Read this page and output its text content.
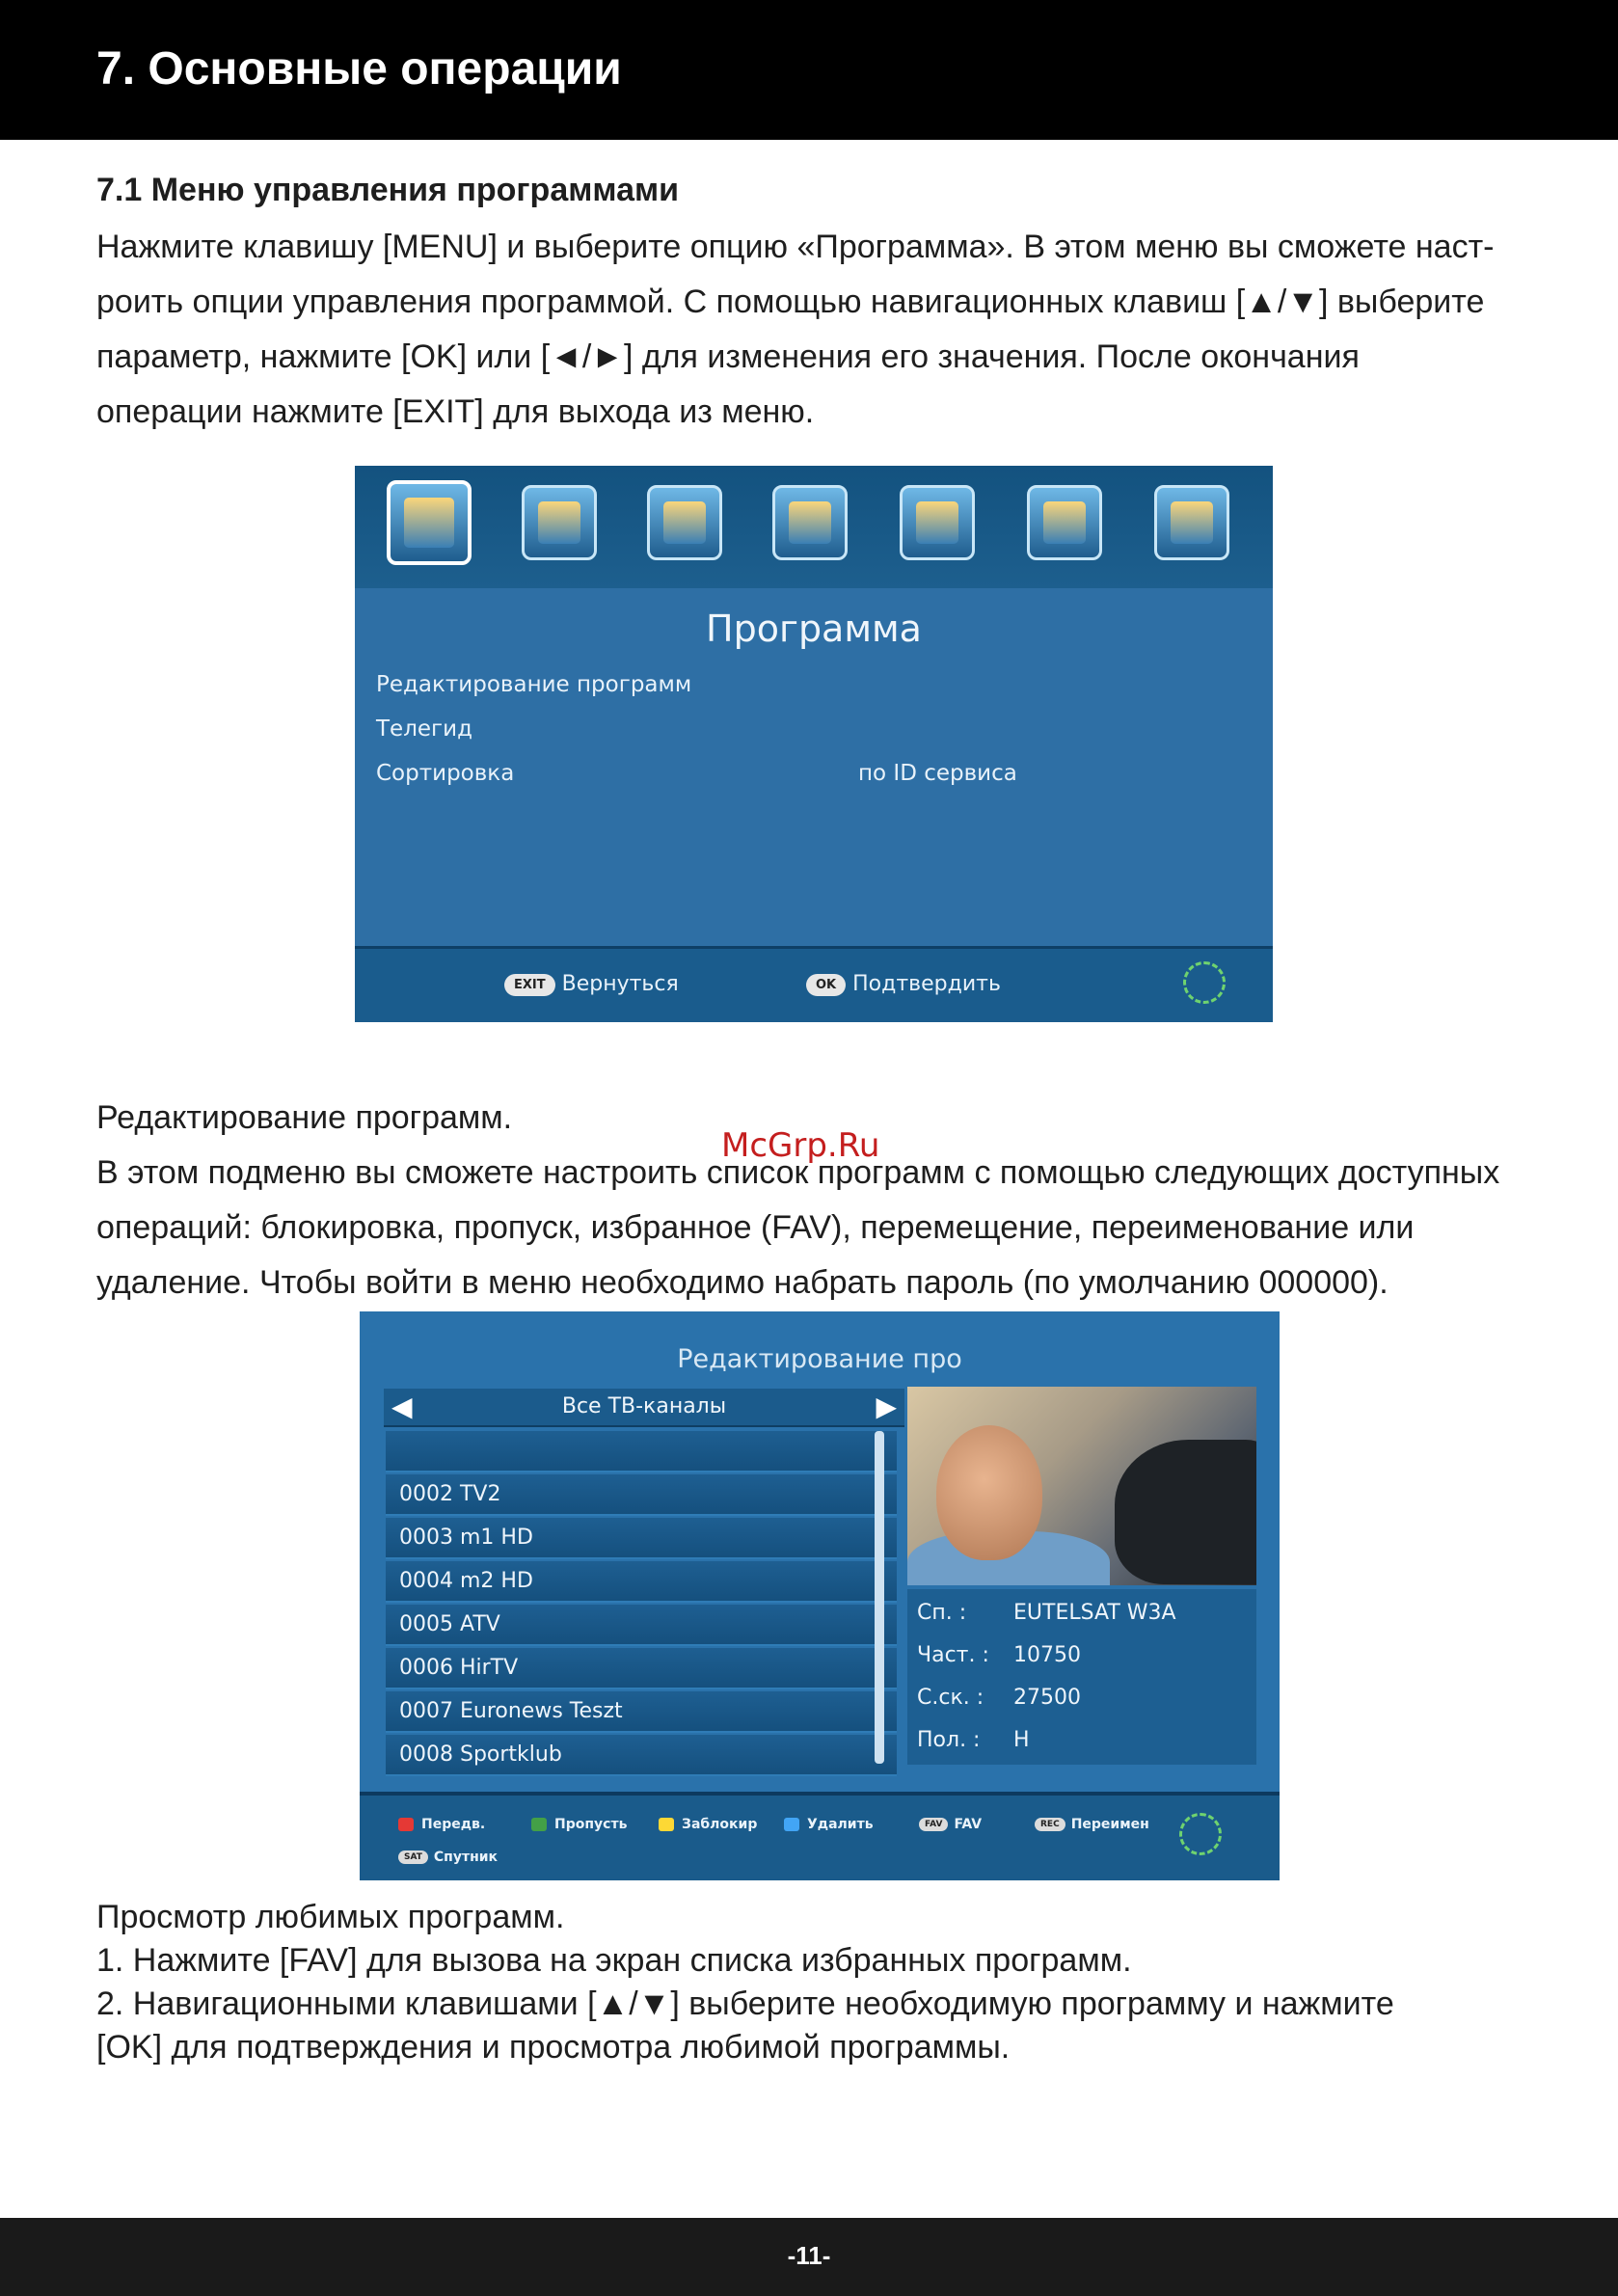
7. Основные операции
7.1 Меню управления программами
Нажмите клавишу [MENU] и выберите опцию «Программа». В этом меню вы сможете наст-
роить опции управления программой. С помощью навигационных клавиш [▲/▼] выберите
параметр, нажмите [OK] или [◄/►] для изменения его значения. После окончания
операции нажмите [EXIT] для выхода из меню.
Программа
Редактирование программ
Телегид
Сортировка	по ID сервиса
EXIT Вернуться	OK Подтвердить
Редактирование программ.
В этом подменю вы сможете настроить список программ с помощью следующих доступных
операций: блокировка, пропуск, избранное (FAV), перемещение, переименование или
удаление. Чтобы войти в меню необходимо набрать пароль (по умолчанию 000000).
McGrp.Ru
Редактирование про
◀	Все ТВ-каналы	▶
0002 TV2
0003 m1 HD
0004 m2 HD
0005 ATV
0006 HirTV
0007 Euronews Teszt
0008 Sportklub
Сп. : EUTELSAT W3A
Част. : 10750
С.ск. : 27500
Пол. : H
Передв.	Пропусть	Заблокир	Удалить	FAV FAV	REC Переимен
SAT Спутник
Просмотр любимых программ.
1. Нажмите [FAV] для вызова на экран списка избранных программ.
2. Навигационными клавишами [▲/▼] выберите необходимую программу и нажмите
[OK] для подтверждения и просмотра любимой программы.
-11-
